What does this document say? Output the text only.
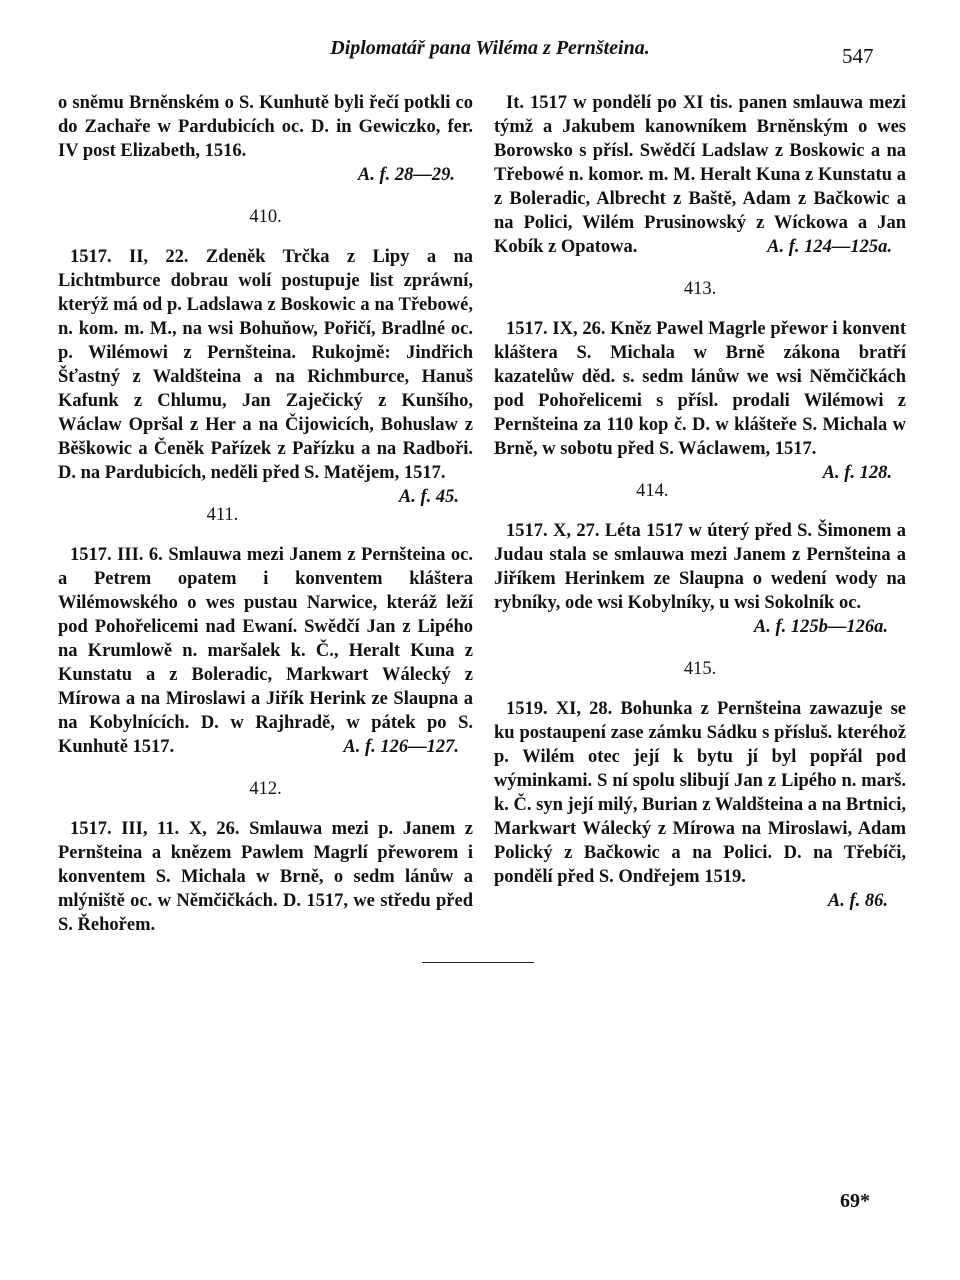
Diplomatář pana Wiléma z Pernšteina.	547

o sněmu Brněnském o S. Kunhutě byli řečí potkli co do Zachaře w Pardubicích oc. D. in Gewiczko, fer. IV post Elizabeth, 1516.

A. f. 28—29.

410.

1517. II, 22. Zdeněk Trčka z Lipy a na Lichtmburce dobrau wolí postupuje list zpráwní, kterýž má od p. Ladslawa z Boskowic a na Třebowé, n. kom. m. M., na wsi Bohuňow, Pořičí, Bradlné oc. p. Wilémowi z Pernšteina. Rukojmě: Jindřich Šťastný z Waldšteina a na Richmburce, Hanuš Kafunk z Chlumu, Jan Zaječický z Kunšího, Wáclaw Opršal z Her a na Čijowicích, Bohuslaw z Běškowic a Čeněk Pařízek z Pařízku a na Radboři. D. na Pardubicích, neděli před S. Matějem, 1517.
A. f. 45.

411.

1517. III. 6. Smlauwa mezi Janem z Pernšteina oc. a Petrem opatem i konventem kláštera Wilémowského o wes pustau Narwice, kteráž leží pod Pohořelicemi nad Ewaní. Swědčí Jan z Lipého na Krumlowě n. maršalek k. Č., Heralt Kuna z Kunstatu a z Boleradic, Markwart Wálecký z Mírowa a na Miroslawi a Jiřík Herink ze Slaupna a na Kobylnících. D. w Rajhradě, w pátek po S. Kunhutě 1517.	A. f. 126—127.

412.

1517. III, 11. X, 26. Smlauwa mezi p. Janem z Pernšteina a knězem Pawlem Magrlí přeworem i konventem S. Michala w Brně, o sedm lánůw a mlýniště oc. w Němčičkách. D. 1517, we středu před S. Řehořem.

It. 1517 w pondělí po XI tis. panen smlauwa mezi týmž a Jakubem kanowníkem Brněnským o wes Borowsko s přísl. Swědčí Ladslaw z Boskowic a na Třebowé n. komor. m. M. Heralt Kuna z Kunstatu a z Boleradic, Albrecht z Baště, Adam z Bačkowic a na Polici, Wilém Prusinowský z Wíckowa a Jan Kobík z Opatowa.	A. f. 124—125a.

413.

1517. IX, 26. Kněz Pawel Magrle přewor i konvent kláštera S. Michala w Brně zákona bratří kazatelůw děd. s. sedm lánůw we wsi Němčičkách pod Pohořelicemi s přísl. prodali Wilémowi z Pernšteina za 110 kop č. D. w klášteře S. Michala w Brně, w sobotu před S. Wáclawem, 1517.
A. f. 128.

414.

1517. X, 27. Léta 1517 w úterý před S. Šimonem a Judau stala se smlauwa mezi Janem z Pernšteina a Jiříkem Herinkem ze Slaupna o wedení wody na rybníky, ode wsi Kobylníky, u wsi Sokolník oc.

A. f. 125b—126a.

415.

1519. XI, 28. Bohunka z Pernšteina zawazuje se ku postaupení zase zámku Sádku s přísluš. kteréhož p. Wilém otec její k bytu jí byl popřál pod wýminkami. S ní spolu slibují Jan z Lipého n. marš. k. Č. syn její milý, Burian z Waldšteina a na Brtnici, Markwart Wálecký z Mírowa na Miroslawi, Adam Polický z Bačkowic a na Polici. D. na Třebíči, pondělí před S. Ondřejem 1519.

A. f. 86.

69*
